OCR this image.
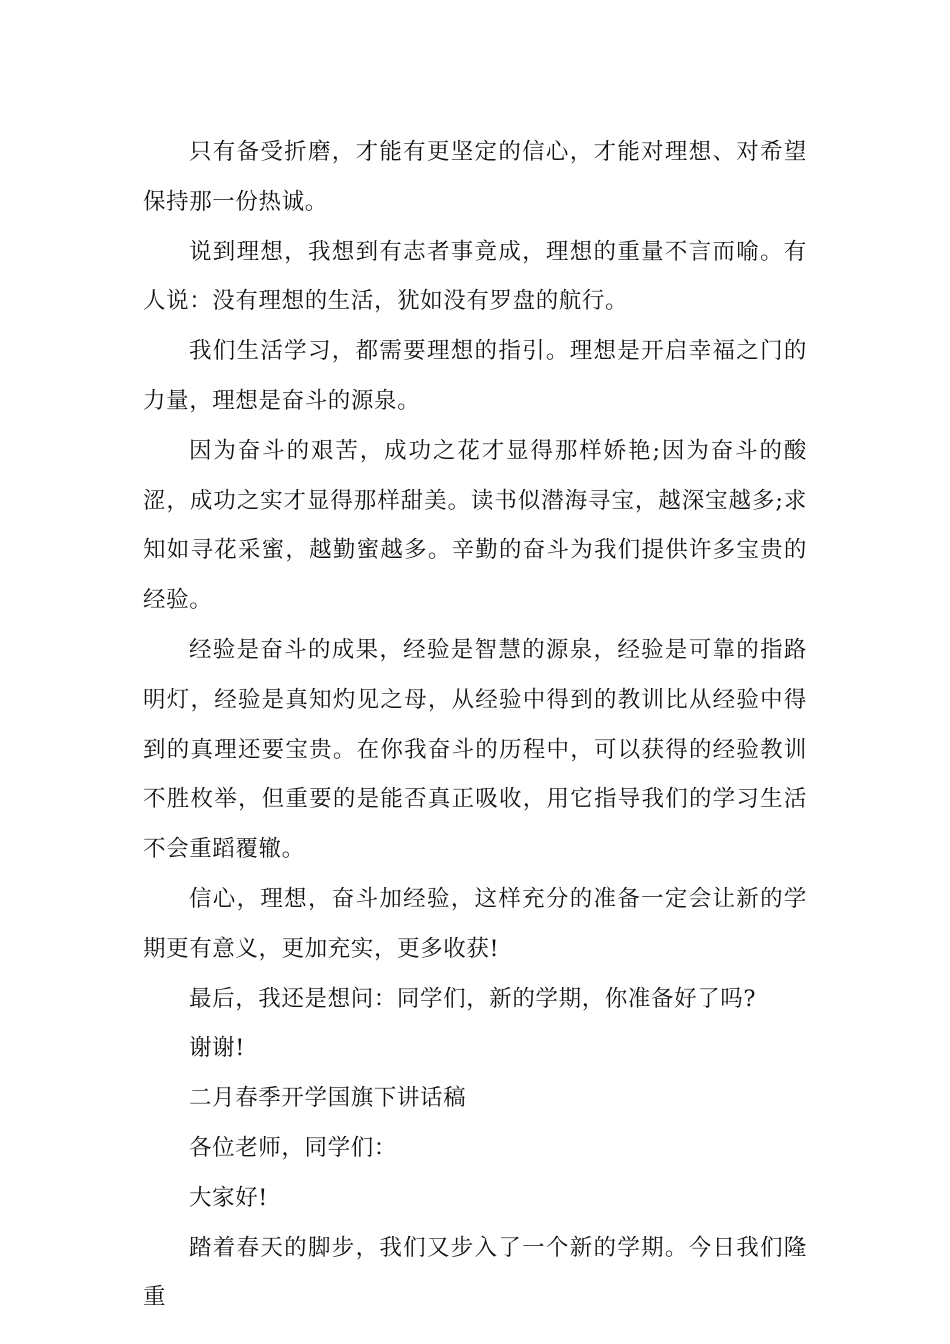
只有备受折磨，才能有更坚定的信心，才能对理想、对希望保持那一份热诚。

说到理想，我想到有志者事竟成，理想的重量不言而喻。有人说：没有理想的生活，犹如没有罗盘的航行。

我们生活学习，都需要理想的指引。理想是开启幸福之门的力量，理想是奋斗的源泉。

因为奋斗的艰苦，成功之花才显得那样娇艳;因为奋斗的酸涩，成功之实才显得那样甜美。读书似潜海寻宝，越深宝越多;求知如寻花采蜜，越勤蜜越多。辛勤的奋斗为我们提供许多宝贵的经验。

经验是奋斗的成果，经验是智慧的源泉，经验是可靠的指路明灯，经验是真知灼见之母，从经验中得到的教训比从经验中得到的真理还要宝贵。在你我奋斗的历程中，可以获得的经验教训不胜枚举，但重要的是能否真正吸收，用它指导我们的学习生活不会重蹈覆辙。

信心，理想，奋斗加经验，这样充分的准备一定会让新的学期更有意义，更加充实，更多收获!

最后，我还是想问：同学们，新的学期，你准备好了吗?

谢谢!

二月春季开学国旗下讲话稿

各位老师，同学们：

大家好!

踏着春天的脚步，我们又步入了一个新的学期。今日我们隆重
